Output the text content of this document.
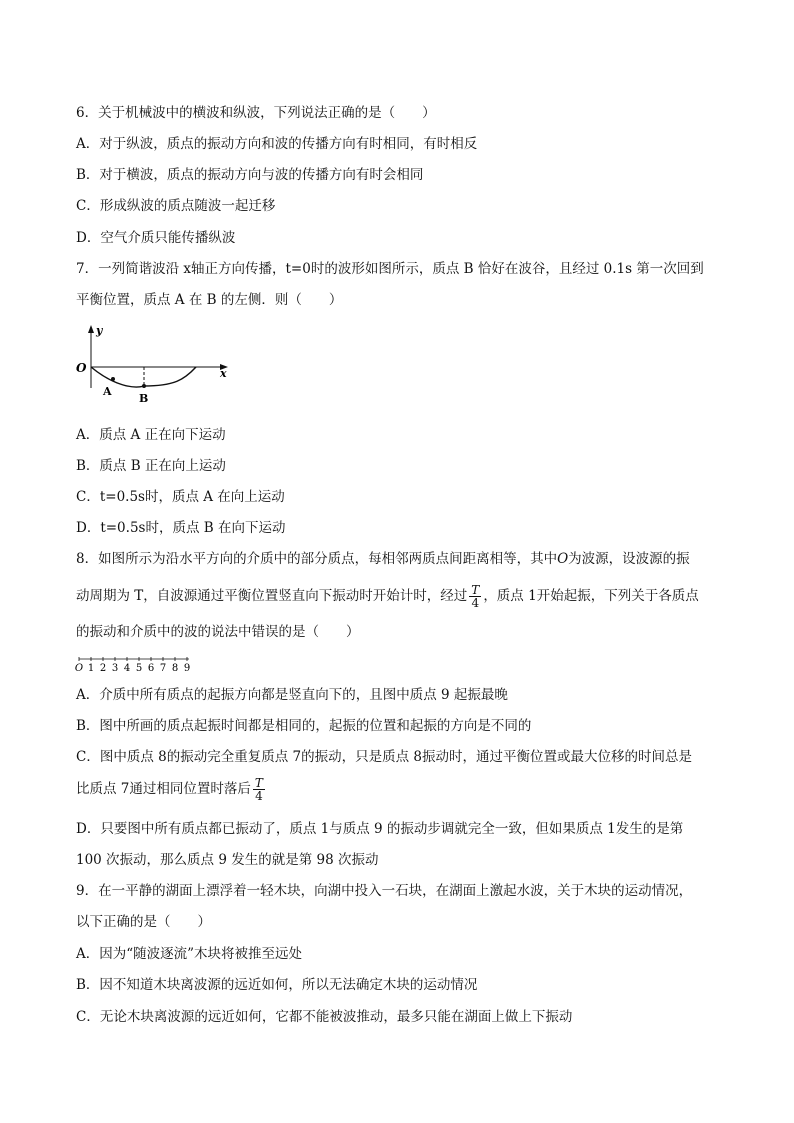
6．关于机械波中的横波和纵波，下列说法正确的是（　　）
A．对于纵波，质点的振动方向和波的传播方向有时相同，有时相反
B．对于横波，质点的振动方向与波的传播方向有时会相同
C．形成纵波的质点随波一起迁移
D．空气介质只能传播纵波
7．一列简谐波沿 x轴正方向传播，t=0时的波形如图所示，质点 B 恰好在波谷，且经过 0.1s 第一次回到
平衡位置，质点 A 在 B 的左侧．则（　　）
y
x
O
A
B
A．质点 A 正在向下运动
B．质点 B 正在向上运动
C．t=0.5s时，质点 A 在向上运动
D．t=0.5s时，质点 B 在向下运动
8．如图所示为沿水平方向的介质中的部分质点，每相邻两质点间距离相等，其中O为波源，设波源的振
动周期为 T，自波源通过平衡位置竖直向下振动时开始计时，经过 $\frac{T}{4}$ ，质点 1开始起振，下列关于各质点
的振动和介质中的波的说法中错误的是（　　）
O 1 2 3 4 5 6 7 8 9
A．介质中所有质点的起振方向都是竖直向下的，且图中质点 9 起振最晚
B．图中所画的质点起振时间都是相同的，起振的位置和起振的方向是不同的
C．图中质点 8的振动完全重复质点 7的振动，只是质点 8振动时，通过平衡位置或最大位移的时间总是
比质点 7通过相同位置时落后 $\frac{T}{4}$
D．只要图中所有质点都已振动了，质点 1与质点 9 的振动步调就完全一致，但如果质点 1发生的是第
100 次振动，那么质点 9 发生的就是第 98 次振动
9．在一平静的湖面上漂浮着一轻木块，向湖中投入一石块，在湖面上激起水波，关于木块的运动情况，
以下正确的是（　　）
A．因为“随波逐流”木块将被推至远处
B．因不知道木块离波源的远近如何，所以无法确定木块的运动情况
C．无论木块离波源的远近如何，它都不能被波推动，最多只能在湖面上做上下振动
